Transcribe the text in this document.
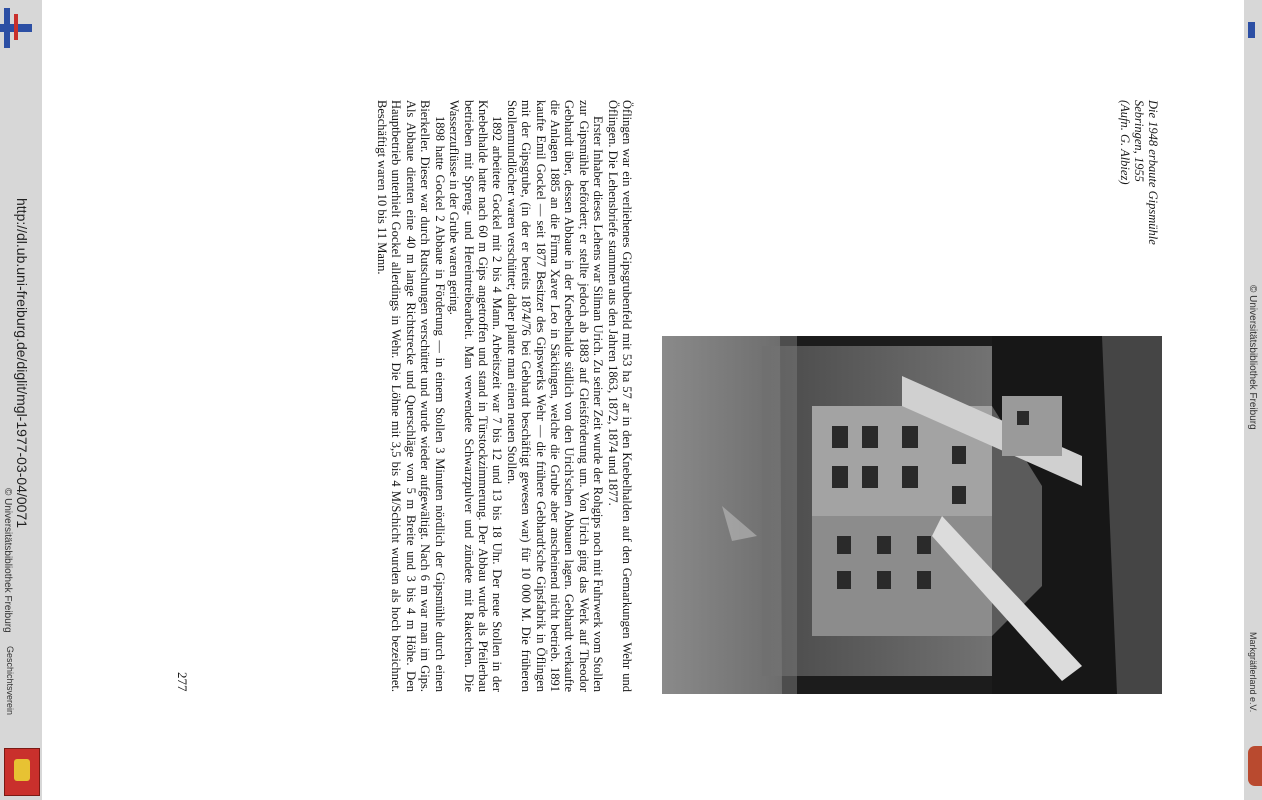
http://dl.ub.uni-freiburg.de/diglit/mgl-1977-03-04/0071
© Universitätsbibliothek Freiburg
Geschichtsverein
© Universitätsbibliothek Freiburg
Markgräflerland e.V.
Die 1948 erbaute Gipsmühle
Sebringen, 1955
(Aufn. G. Albiez)

Öflingen war ein verliehenes Gipsgrubenfeld mit 53 ha 57 ar in den Knebelhalden auf den Gemarkungen Wehr und Öflingen. Die Lehensbriefe stammen aus den Jahren 1863, 1872, 1874 und 1877.

Erster Inhaber dieses Lehens war Silman Urich. Zu seiner Zeit wurde der Rohgips noch mit Fuhrwerk vom Stollen zur Gipsmühle befördert; er stellte jedoch ab 1883 auf Gleisförderung um. Von Urich ging das Werk auf Theodor Gebhardt über, dessen Abbaue in der Knebelhalde südlich von den Urich'schen Abbauen lagen. Gebhardt verkaufte die Anlagen 1885 an die Firma Xaver Leo in Säckingen, welche die Grube aber anscheinend nicht betrieb. 1891 kaufte Emil Gockel — seit 1877 Besitzer des Gipswerks Wehr — die frühere Gebhardt'sche Gipsfabrik in Öflingen mit der Gipsgrube, (in der er bereits 1874/76 bei Gebhardt beschäftigt gewesen war) für 10 000 M. Die früheren Stollenmundlöcher waren verschüttet; daher plante man einen neuen Stollen.

1892 arbeitete Gockel mit 2 bis 4 Mann. Arbeitszeit war 7 bis 12 und 13 bis 18 Uhr. Der neue Stollen in der Knebelhalde hatte nach 60 m Gips angetroffen und stand in Türstockzimmerung. Der Abbau wurde als Pfeilerbau betrieben mit Spreng- und Hereintreibearbeit. Man verwendete Schwarzpulver und zündete mit Raketchen. Die Wasserzuflüsse in der Grube waren gering.

1898 hatte Gockel 2 Abbaue in Förderung — in einem Stollen 3 Minuten nördlich der Gipsmühle durch einen Bierkeller. Dieser war durch Rutschungen verschüttet und wurde wieder aufgewältigt. Nach 6 m war man im Gips. Als Abbaue dienten eine 40 m lange Richtstrecke und Querschläge von 5 m Breite und 3 bis 4 m Höhe. Den Hauptbetrieb unterhielt Gockel allerdings in Wehr. Die Löhne mit 3,5 bis 4 M/Schicht wurden als hoch bezeichnet. Beschäftigt waren 10 bis 11 Mann.

277
